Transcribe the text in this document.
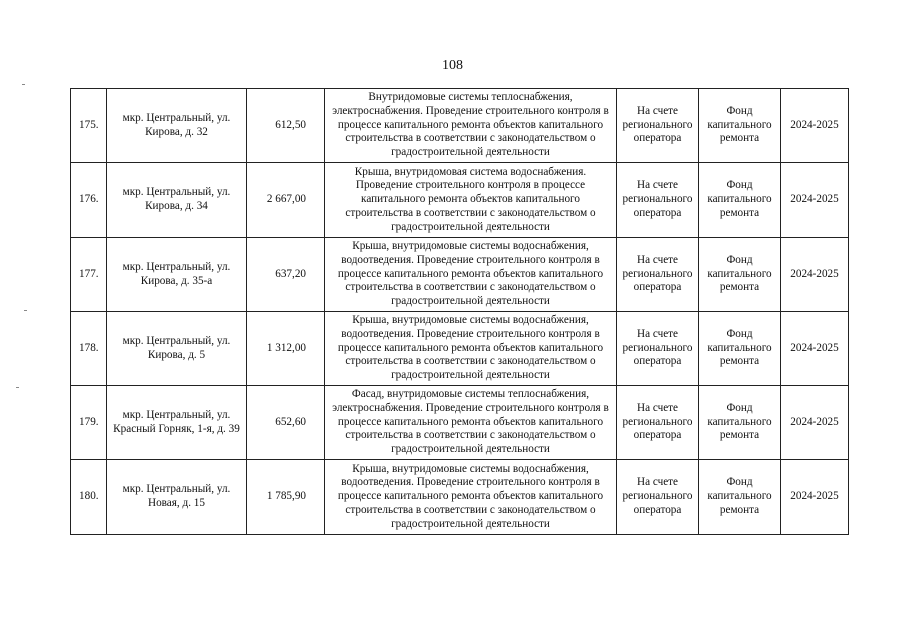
108
175.	мкр. Центральный, ул. Кирова, д. 32	612,50	Внутридомовые системы теплоснабжения, электроснабжения. Проведение строительного контроля в процессе капитального ремонта объектов капитального строительства в соответствии с законодательством о градостроительной деятельности	На счете регионального оператора	Фонд капитального ремонта	2024-2025
176.	мкр. Центральный, ул. Кирова, д. 34	2 667,00	Крыша, внутридомовая система водоснабжения. Проведение строительного контроля в процессе капитального ремонта объектов капитального строительства в соответствии с законодательством о градостроительной деятельности	На счете регионального оператора	Фонд капитального ремонта	2024-2025
177.	мкр. Центральный, ул. Кирова, д. 35-а	637,20	Крыша, внутридомовые системы водоснабжения, водоотведения. Проведение строительного контроля в процессе капитального ремонта объектов капитального строительства в соответствии с законодательством о градостроительной деятельности	На счете регионального оператора	Фонд капитального ремонта	2024-2025
178.	мкр. Центральный, ул. Кирова, д. 5	1 312,00	Крыша, внутридомовые системы водоснабжения, водоотведения. Проведение строительного контроля в процессе капитального ремонта объектов капитального строительства в соответствии с законодательством о градостроительной деятельности	На счете регионального оператора	Фонд капитального ремонта	2024-2025
179.	мкр. Центральный, ул. Красный Горняк, 1-я, д. 39	652,60	Фасад, внутридомовые системы теплоснабжения, электроснабжения. Проведение строительного контроля в процессе капитального ремонта объектов капитального строительства в соответствии с законодательством о градостроительной деятельности	На счете регионального оператора	Фонд капитального ремонта	2024-2025
180.	мкр. Центральный, ул. Новая, д. 15	1 785,90	Крыша, внутридомовые системы водоснабжения, водоотведения. Проведение строительного контроля в процессе капитального ремонта объектов капитального строительства в соответствии с законодательством о градостроительной деятельности	На счете регионального оператора	Фонд капитального ремонта	2024-2025
